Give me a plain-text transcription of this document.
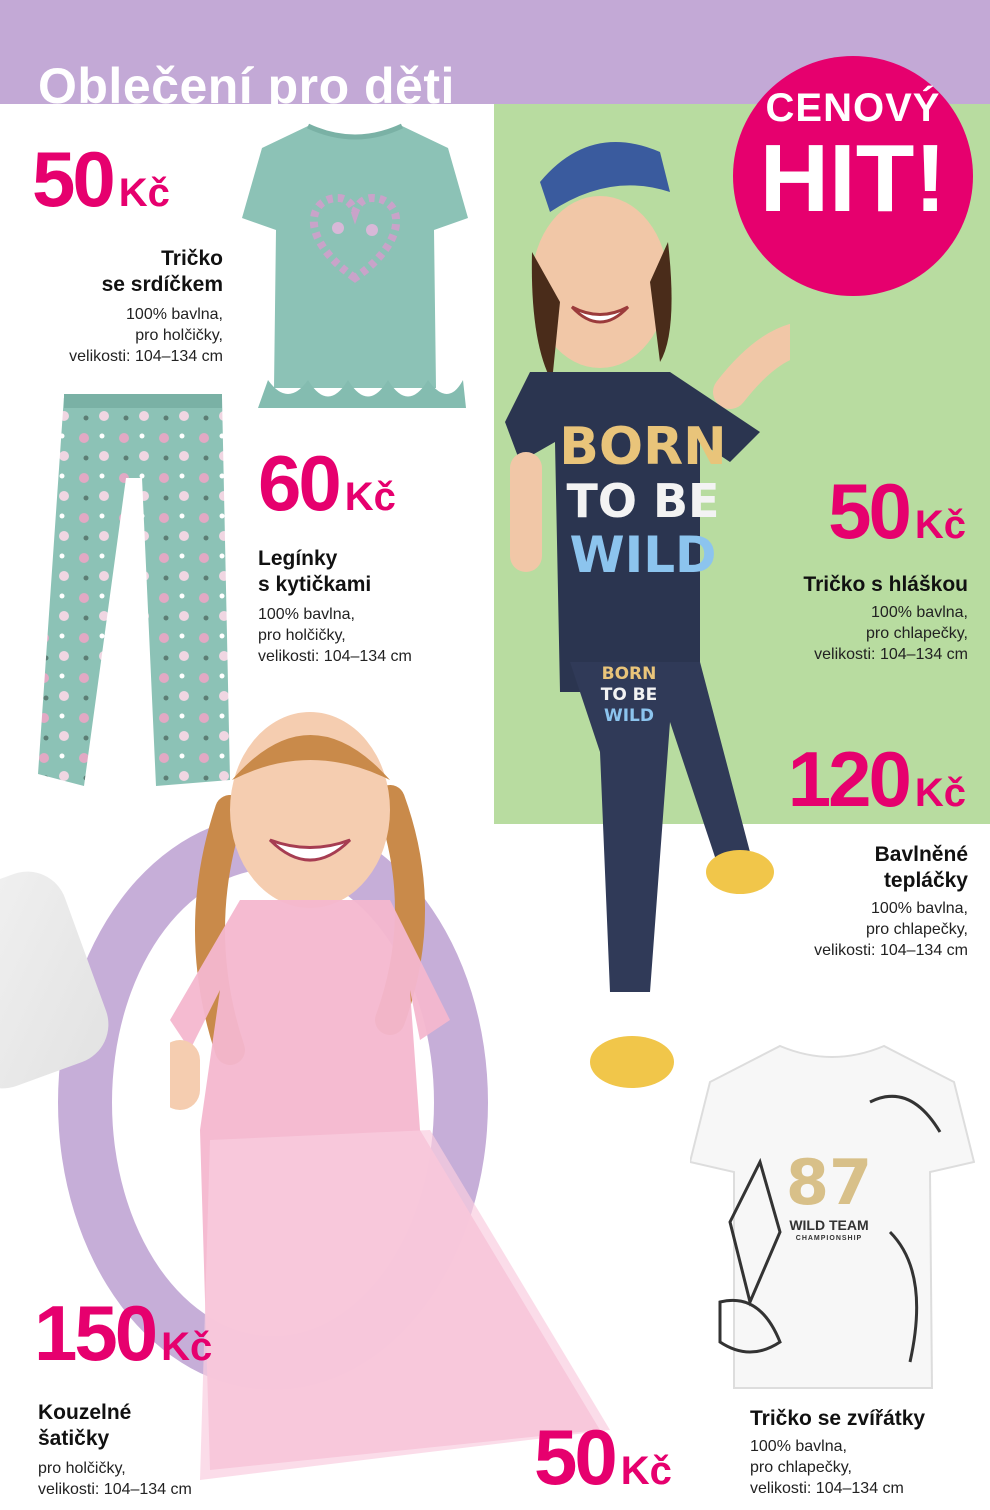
Oblečení pro děti
BORN
TO BE
WILD
BORN
TO BE
WILD
87
WILD TEAM
CHAMPIONSHIP
CENOVÝ
HIT!
50 Kč
Tričko
se srdíčkem
100% bavlna,
pro holčičky,
velikosti: 104–134 cm
60 Kč
Legínky
s kytičkami
100% bavlna,
pro holčičky,
velikosti: 104–134 cm
50 Kč
Tričko s hláškou
100% bavlna,
pro chlapečky,
velikosti: 104–134 cm
120 Kč
Bavlněné
tepláčky
100% bavlna,
pro chlapečky,
velikosti: 104–134 cm
150 Kč
Kouzelné
šatičky
pro holčičky,
velikosti: 104–134 cm	50 Kč
Tričko se zvířátky
100% bavlna,
pro chlapečky,
velikosti: 104–134 cm
